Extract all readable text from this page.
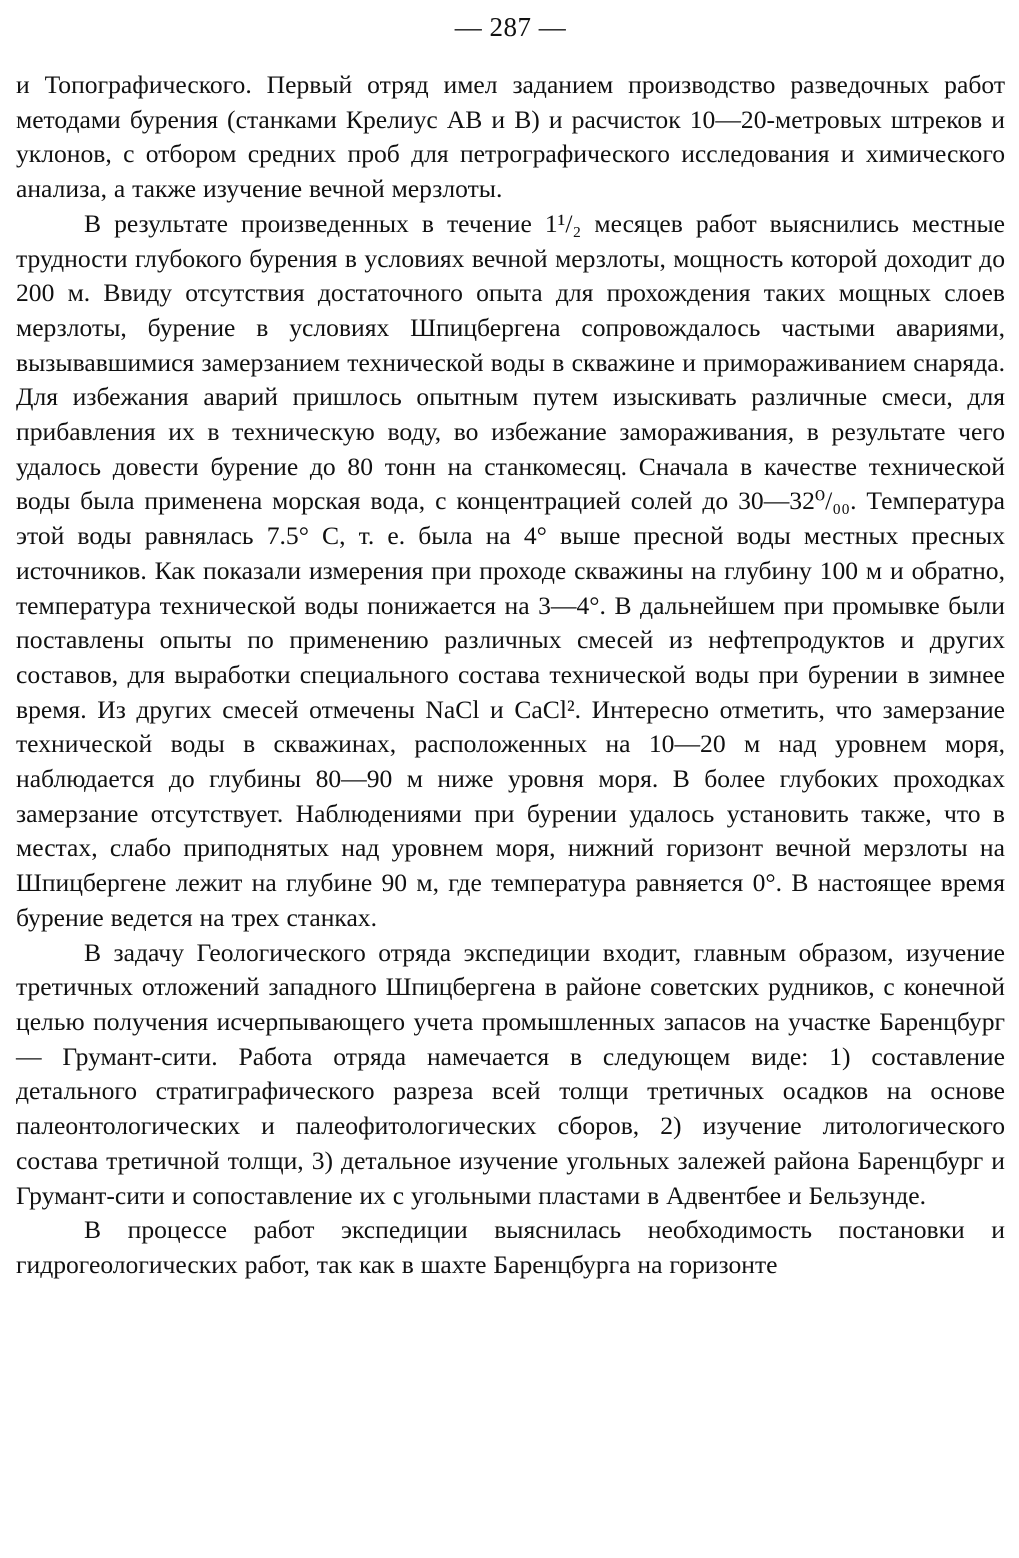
— 287 —

и Топографического. Первый отряд имел заданием производство разведочных работ методами бурения (станками Крелиус АВ и В) и расчисток 10—20-метровых штреков и уклонов, с отбором средних проб для петрографического исследования и химического анализа, а также изучение вечной мерзлоты.

В результате произведенных в течение 1¹/₂ месяцев работ выяснились местные трудности глубокого бурения в условиях вечной мерзлоты, мощность которой доходит до 200 м. Ввиду отсутствия достаточного опыта для прохождения таких мощных слоев мерзлоты, бурение в условиях Шпицбергена сопровождалось частыми авариями, вызывавшимися замерзанием технической воды в скважине и примораживанием снаряда. Для избежания аварий пришлось опытным путем изыскивать различные смеси, для прибавления их в техническую воду, во избежание замораживания, в результате чего удалось довести бурение до 80 тонн на станкомесяц. Сначала в качестве технической воды была применена морская вода, с концентрацией солей до 30—32⁰/₀₀. Температура этой воды равнялась 7.5° С, т. е. была на 4° выше пресной воды местных пресных источников. Как показали измерения при проходе скважины на глубину 100 м и обратно, температура технической воды понижается на 3—4°. В дальнейшем при промывке были поставлены опыты по применению различных смесей из нефтепродуктов и других составов, для выработки специального состава технической воды при бурении в зимнее время. Из других смесей отмечены NaCl и CaCl². Интересно отметить, что замерзание технической воды в скважинах, расположенных на 10—20 м над уровнем моря, наблюдается до глубины 80—90 м ниже уровня моря. В более глубоких проходках замерзание отсутствует. Наблюдениями при бурении удалось установить также, что в местах, слабо приподнятых над уровнем моря, нижний горизонт вечной мерзлоты на Шпицбергене лежит на глубине 90 м, где температура равняется 0°. В настоящее время бурение ведется на трех станках.

В задачу Геологического отряда экспедиции входит, главным образом, изучение третичных отложений западного Шпицбергена в районе советских рудников, с конечной целью получения исчерпывающего учета промышленных запасов на участке Баренцбург — Грумант-сити. Работа отряда намечается в следующем виде: 1) составление детального стратиграфического разреза всей толщи третичных осадков на основе палеонтологических и палеофитологических сборов, 2) изучение литологического состава третичной толщи, 3) детальное изучение угольных залежей района Баренцбург и Грумант-сити и сопоставление их с угольными пластами в Адвентбее и Бельзунде.

В процессе работ экспедиции выяснилась необходимость постановки и гидрогеологических работ, так как в шахте Баренцбурга на горизонте
